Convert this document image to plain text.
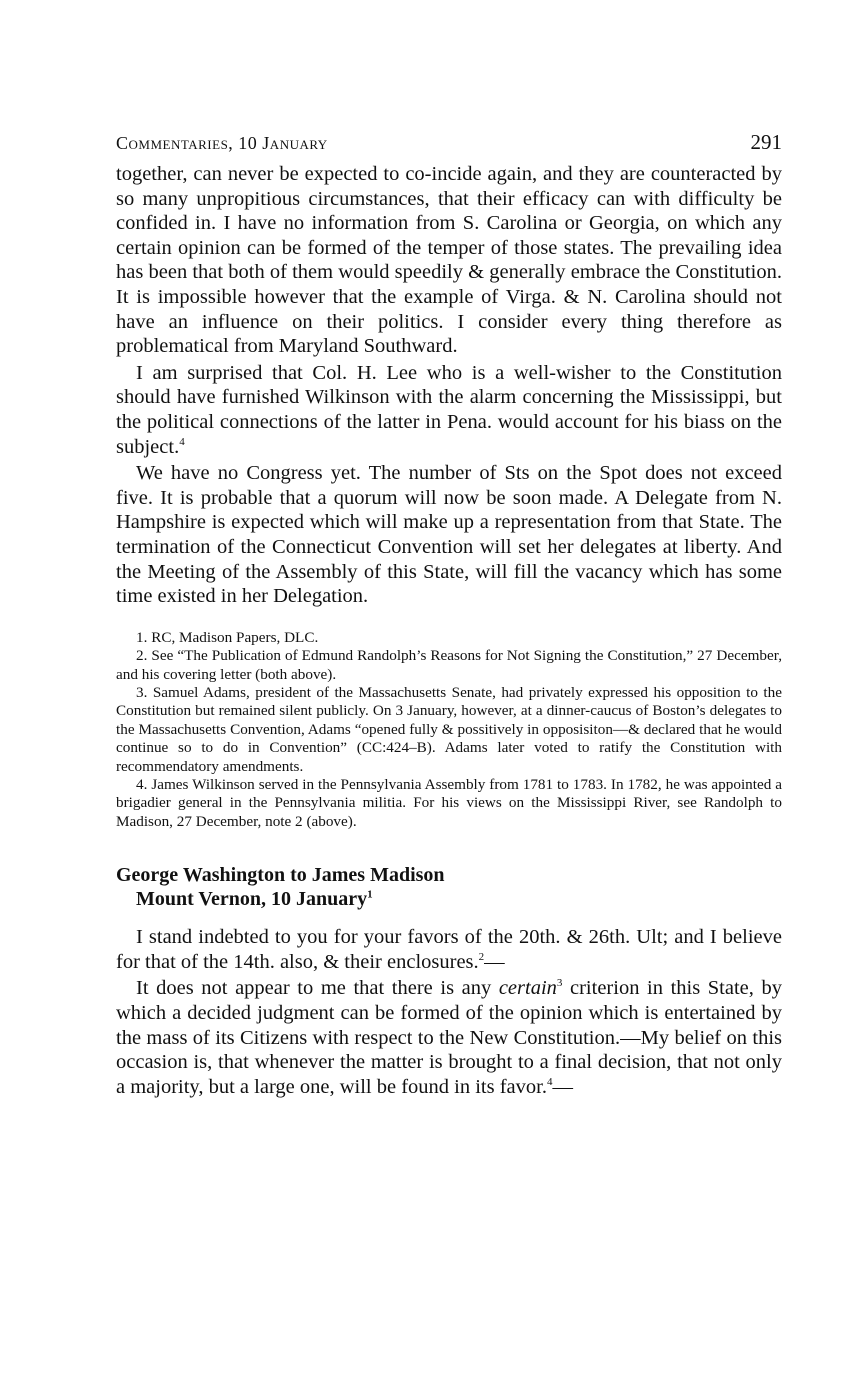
Commentaries, 10 January	291

together, can never be expected to co-incide again, and they are counteracted by so many unpropitious circumstances, that their efficacy can with difficulty be confided in. I have no information from S. Carolina or Georgia, on which any certain opinion can be formed of the temper of those states. The prevailing idea has been that both of them would speedily & generally embrace the Constitution. It is impossible however that the example of Virga. & N. Carolina should not have an influence on their politics. I consider every thing therefore as problematical from Maryland Southward.

I am surprised that Col. H. Lee who is a well-wisher to the Constitution should have furnished Wilkinson with the alarm concerning the Mississippi, but the political connections of the latter in Pena. would account for his biass on the subject.$^4$

We have no Congress yet. The number of Sts on the Spot does not exceed five. It is probable that a quorum will now be soon made. A Delegate from N. Hampshire is expected which will make up a representation from that State. The termination of the Connecticut Convention will set her delegates at liberty. And the Meeting of the Assembly of this State, will fill the vacancy which has some time existed in her Delegation.

1. RC, Madison Papers, DLC.

2. See “The Publication of Edmund Randolph’s Reasons for Not Signing the Constitution,” 27 December, and his covering letter (both above).

3. Samuel Adams, president of the Massachusetts Senate, had privately expressed his opposition to the Constitution but remained silent publicly. On 3 January, however, at a dinner-caucus of Boston’s delegates to the Massachusetts Convention, Adams “opened fully & possitively in opposisiton—& declared that he would continue so to do in Convention” (CC:424–B). Adams later voted to ratify the Constitution with recommendatory amendments.

4. James Wilkinson served in the Pennsylvania Assembly from 1781 to 1783. In 1782, he was appointed a brigadier general in the Pennsylvania militia. For his views on the Mississippi River, see Randolph to Madison, 27 December, note 2 (above).

George Washington to James Madison
Mount Vernon, 10 January$^1$

I stand indebted to you for your favors of the 20th. & 26th. Ult; and I believe for that of the 14th. also, & their enclosures.$^2$—

It does not appear to me that there is any certain$^3$ criterion in this State, by which a decided judgment can be formed of the opinion which is entertained by the mass of its Citizens with respect to the New Constitution.—My belief on this occasion is, that whenever the matter is brought to a final decision, that not only a majority, but a large one, will be found in its favor.$^4$—
